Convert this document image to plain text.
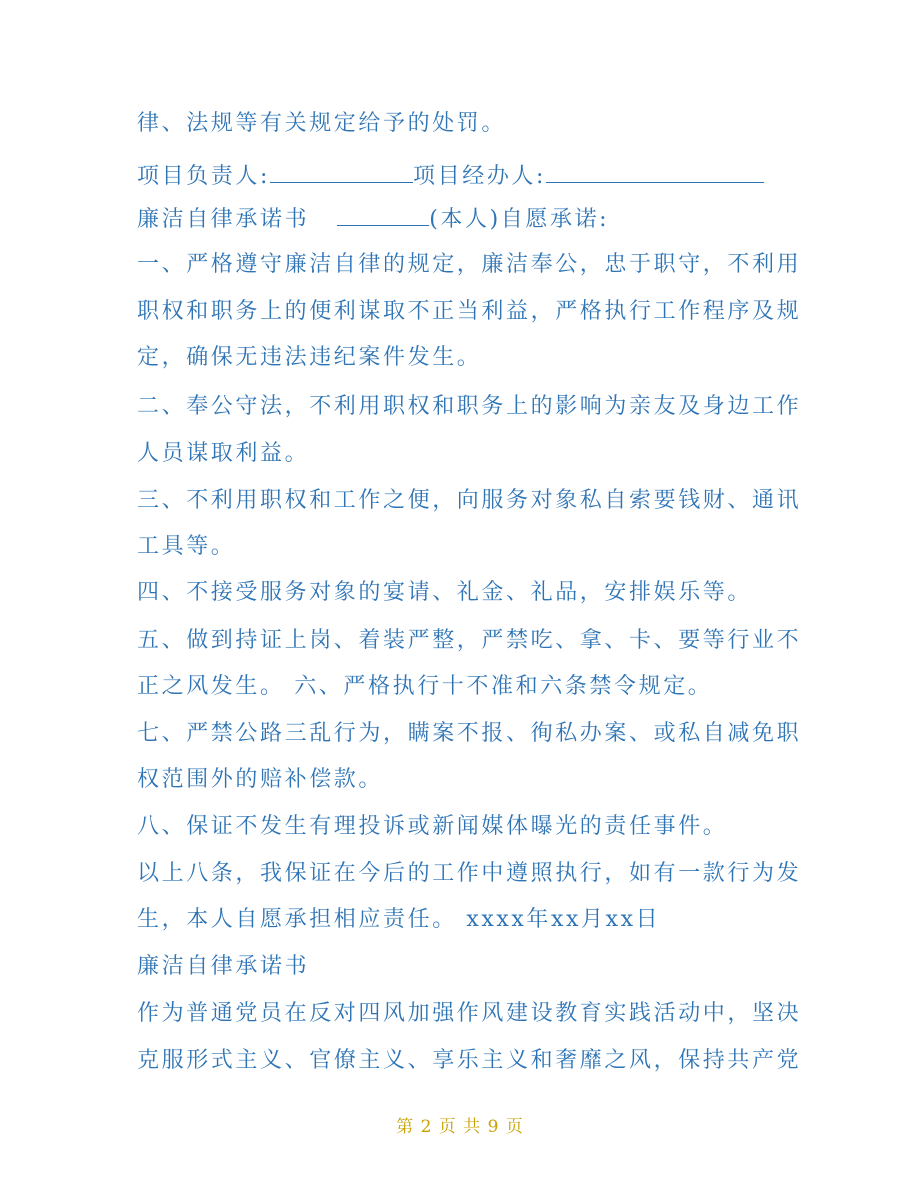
律、法规等有关规定给予的处罚。
项目负责人:	项目经办人:
廉洁自律承诺书	(本人)自愿承诺:
一、严格遵守廉洁自律的规定，廉洁奉公，忠于职守，不利用
职权和职务上的便利谋取不正当利益，严格执行工作程序及规
定，确保无违法违纪案件发生。
二、奉公守法，不利用职权和职务上的影响为亲友及身边工作
人员谋取利益。
三、不利用职权和工作之便，向服务对象私自索要钱财、通讯
工具等。
四、不接受服务对象的宴请、礼金、礼品，安排娱乐等。
五、做到持证上岗、着装严整，严禁吃、拿、卡、要等行业不
正之风发生。 六、严格执行十不准和六条禁令规定。
七、严禁公路三乱行为，瞒案不报、徇私办案、或私自减免职
权范围外的赔补偿款。
八、保证不发生有理投诉或新闻媒体曝光的责任事件。
以上八条，我保证在今后的工作中遵照执行，如有一款行为发
生，本人自愿承担相应责任。 xxxx年xx月xx日
廉洁自律承诺书
作为普通党员在反对四风加强作风建设教育实践活动中，坚决
克服形式主义、官僚主义、享乐主义和奢靡之风，保持共产党
第 2 页 共 9 页
